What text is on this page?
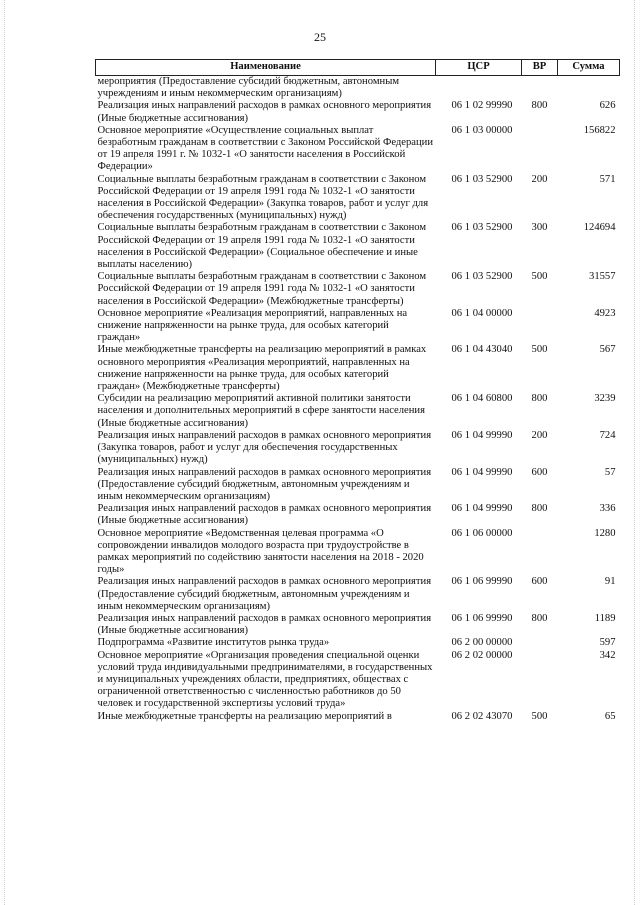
25
Наименование	ЦСР	ВР	Сумма
мероприятия (Предоставление субсидий бюджетным, автономным учреждениям и иным некоммерческим организациям)			
Реализация иных направлений расходов в рамках основного мероприятия (Иные бюджетные ассигнования)	06 1 02 99990	800	626
Основное мероприятие «Осуществление социальных выплат безработным гражданам в соответствии с Законом Российской Федерации от 19 апреля 1991 г. № 1032-1 «О занятости населения в Российской Федерации»	06 1 03 00000		156822
Социальные выплаты безработным гражданам в соответствии с Законом Российской Федерации от 19 апреля 1991 года № 1032-1 «О занятости населения в Российской Федерации» (Закупка товаров, работ и услуг для обеспечения государственных (муниципальных) нужд)	06 1 03 52900	200	571
Социальные выплаты безработным гражданам в соответствии с Законом Российской Федерации от 19 апреля 1991 года № 1032-1 «О занятости населения в Российской Федерации» (Социальное обеспечение и иные выплаты населению)	06 1 03 52900	300	124694
Социальные выплаты безработным гражданам в соответствии с Законом Российской Федерации от 19 апреля 1991 года № 1032-1 «О занятости населения в Российской Федерации» (Межбюджетные трансферты)	06 1 03 52900	500	31557
Основное мероприятие «Реализация мероприятий, направленных на снижение напряженности на рынке труда, для особых категорий граждан»	06 1 04 00000		4923
Иные межбюджетные трансферты на реализацию мероприятий в рамках основного мероприятия «Реализация мероприятий, направленных на снижение напряженности на рынке труда, для особых категорий граждан» (Межбюджетные трансферты)	06 1 04 43040	500	567
Субсидии на реализацию мероприятий активной политики занятости населения и дополнительных мероприятий в сфере занятости населения (Иные бюджетные ассигнования)	06 1 04 60800	800	3239
Реализация иных направлений расходов в рамках основного мероприятия (Закупка товаров, работ и услуг для обеспечения государственных (муниципальных) нужд)	06 1 04 99990	200	724
Реализация иных направлений расходов в рамках основного мероприятия (Предоставление субсидий бюджетным, автономным учреждениям и иным некоммерческим организациям)	06 1 04 99990	600	57
Реализация иных направлений расходов в рамках основного мероприятия (Иные бюджетные ассигнования)	06 1 04 99990	800	336
Основное мероприятие «Ведомственная целевая программа «О сопровождении инвалидов молодого возраста при трудоустройстве в рамках мероприятий по содействию занятости населения на 2018 - 2020 годы»	06 1 06 00000		1280
Реализация иных направлений расходов в рамках основного мероприятия (Предоставление субсидий бюджетным, автономным учреждениям и иным некоммерческим организациям)	06 1 06 99990	600	91
Реализация иных направлений расходов в рамках основного мероприятия (Иные бюджетные ассигнования)	06 1 06 99990	800	1189
Подпрограмма «Развитие институтов рынка труда»	06 2 00 00000		597
Основное мероприятие «Организация проведения специальной оценки условий труда индивидуальными предпринимателями, в государственных и муниципальных учреждениях области, предприятиях, обществах с ограниченной ответственностью с численностью работников до 50 человек и государственной экспертизы условий труда»	06 2 02 00000		342
Иные межбюджетные трансферты на реализацию мероприятий в	06 2 02 43070	500	65
